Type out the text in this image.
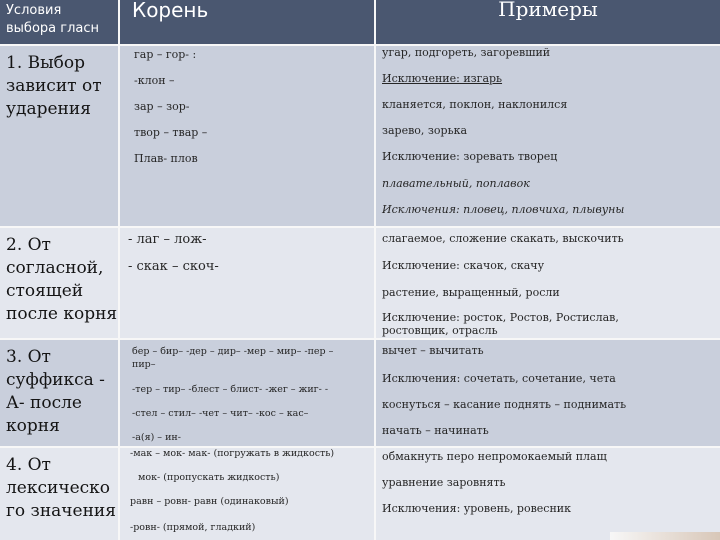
Условия
выбора гласн
Корень	Примеры
1. Выбор
зависит от
ударения
гар – гор- :
-клон –
зар – зор-
твор – твар –
Плав- плов
угар, подгореть, загоревший
Исключение: изгарь
кланяется, поклон, наклонился
зарево, зорька
Исключение: зоревать творец
плавательный, поплавок
Исключения: пловец, пловчиха, плывуны
2. От
согласной,
стоящей
после корня
- лаг – лож-
- скак – скоч-
слагаемое, сложение скакать, выскочить
Исключение: скачок, скачу
растение, выращенный, росли
Исключение: росток, Ростов, Ростислав,
ростовщик, отрасль
3. От
суффикса -
А- после
корня
бер – бир– -дер – дир– -мер – мир– -пер –
пир–
-тер – тир– -блест – блист- -жег – жиг- -
-стел – стил– -чет – чит– -кос – кас–
-а(я) – ин-
вычет – вычитать
Исключения: сочетать, сочетание, чета
коснуться – касание поднять – поднимать
начать – начинать
4. От
лексическо
го значения
-мак – мок- мак- (погружать в жидкость)
мок- (пропускать жидкость)
равн – ровн- равн (одинаковый)
-ровн- (прямой, гладкий)
обмакнуть перо непромокаемый плащ
уравнение заровнять
Исключения: уровень, ровесник
